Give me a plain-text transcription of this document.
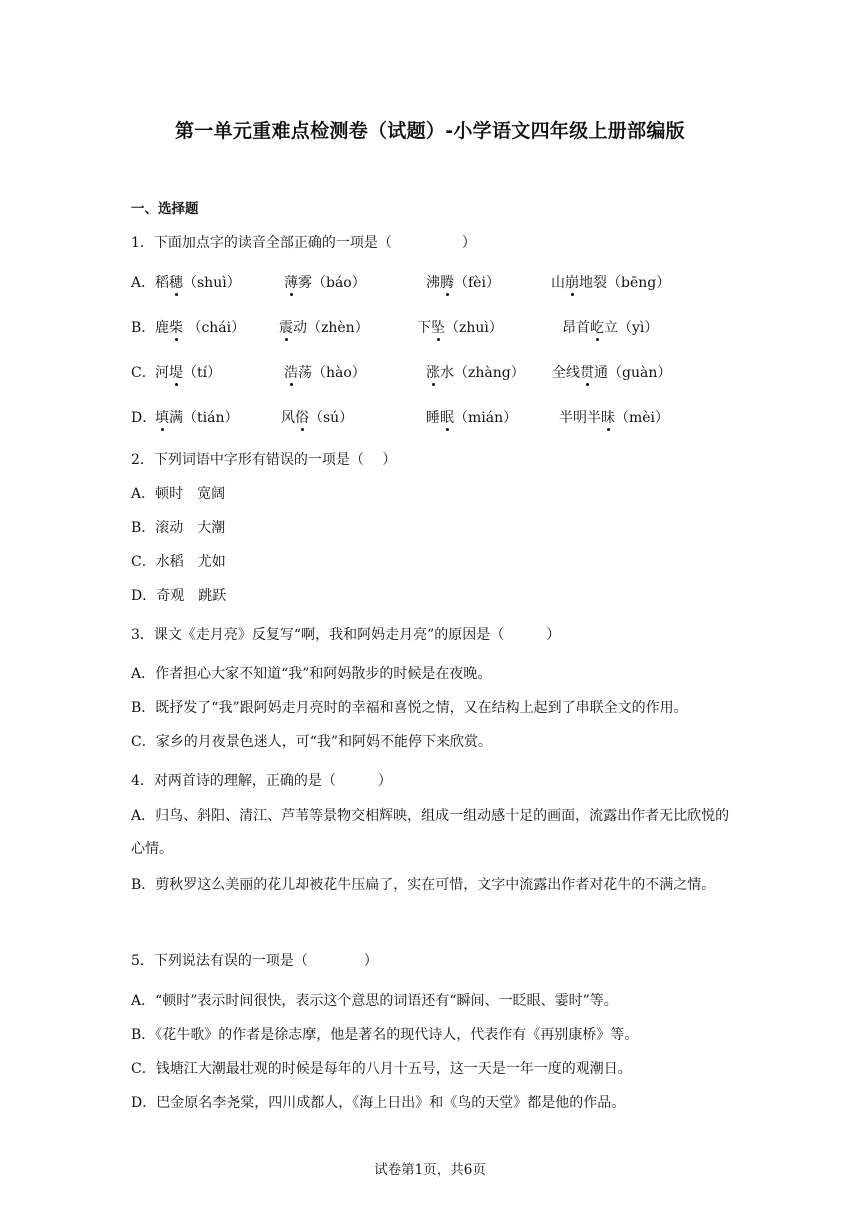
第一单元重难点检测卷（试题）-小学语文四年级上册部编版
一、选择题
1．下面加点字的读音全部正确的一项是（　　　　　）
A． 稻穗（shuì）	薄雾（báo）	沸腾（fèi）	山崩地裂（bēng）
B． 鹿柴 （chái） 震动（zhèn）	下坠（zhuì）	昂首屹立（yì）
C． 河堤（tí）	浩荡（hào）	涨水（zhàng） 全线贯通（guàn）
D．
填满（tián）	风俗（sú）	睡眠（mián）	半明半昧（mèi）
2．下列词语中字形有错误的一项是（　 ）
A．顿时　宽阔
B．滚动　大潮
C．水稻　尤如
D．奇观　跳跃
3．课文《走月亮》反复写“啊，我和阿妈走月亮”的原因是（　　　）
A．作者担心大家不知道“我”和阿妈散步的时候是在夜晚。
B．既抒发了“我”跟阿妈走月亮时的幸福和喜悦之情，又在结构上起到了串联全文的作用。
C．家乡的月夜景色迷人，可“我”和阿妈不能停下来欣赏。
4．对两首诗的理解，正确的是（　　　）
A．归鸟、斜阳、清江、芦苇等景物交相辉映，组成一组动感十足的画面，流露出作者无比欣悦的心情。
B．剪秋罗这么美丽的花儿却被花牛压扁了，实在可惜，文字中流露出作者对花牛的不满之情。
5．下列说法有误的一项是（　　　　）
A．“顿时”表示时间很快，表示这个意思的词语还有“瞬间、一眨眼、霎时”等。
B．《花牛歌》的作者是徐志摩，他是著名的现代诗人，代表作有《再别康桥》等。
C．钱塘江大潮最壮观的时候是每年的八月十五号，这一天是一年一度的观潮日。
D．巴金原名李尧棠，四川成都人，《海上日出》和《鸟的天堂》都是他的作品。
试卷第1页，共6页
